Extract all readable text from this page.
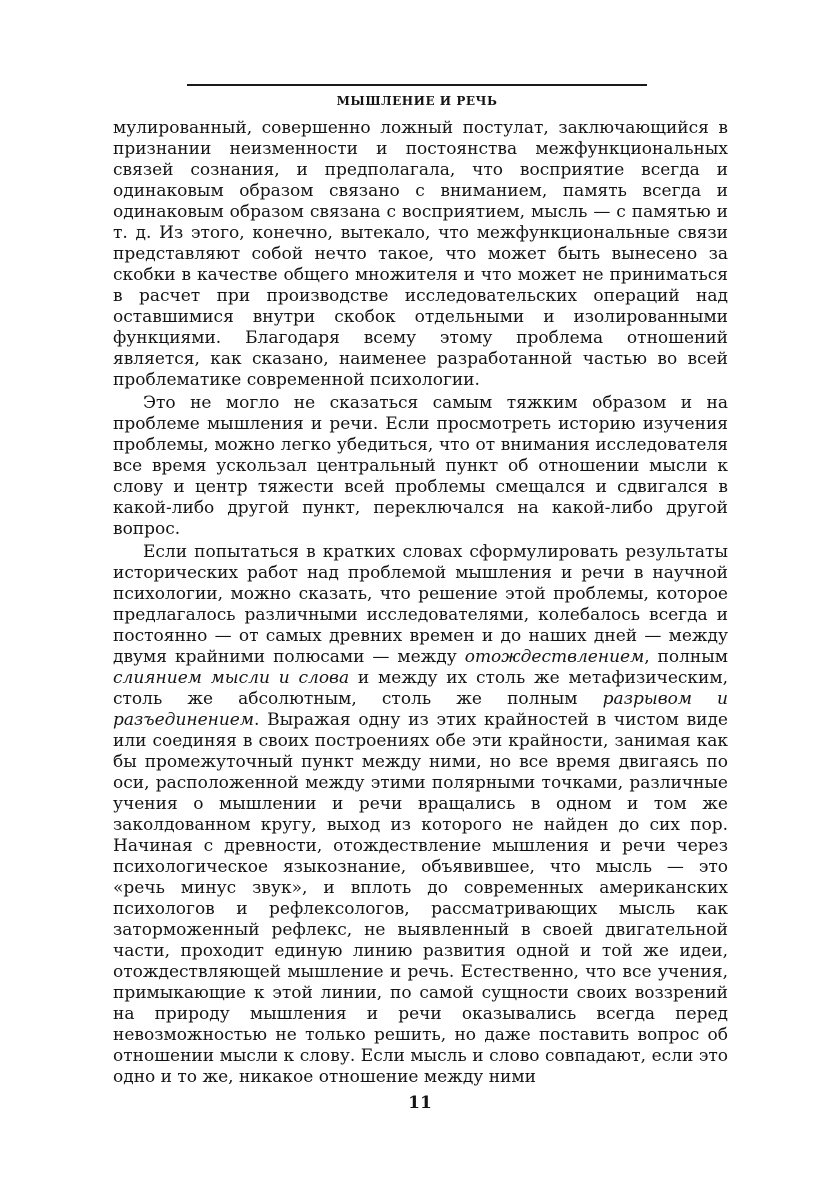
МЫШЛЕНИЕ И РЕЧЬ

мулированный, совершенно ложный постулат, заключающийся в признании неизменности и постоянства межфункциональных связей сознания, и предполагала, что восприятие всегда и одинаковым образом связано с вниманием, память всегда и одинаковым образом связана с восприятием, мысль — с памятью и т. д. Из этого, конечно, вытекало, что межфункциональные связи представляют собой нечто такое, что может быть вынесено за скобки в качестве общего множителя и что может не приниматься в расчет при производстве исследовательских операций над оставшимися внутри скобок отдельными и изолированными функциями. Благодаря всему этому проблема отношений является, как сказано, наименее разработанной частью во всей проблематике современной психологии.

Это не могло не сказаться самым тяжким образом и на проблеме мышления и речи. Если просмотреть историю изучения проблемы, можно легко убедиться, что от внимания исследователя все время ускользал центральный пункт об отношении мысли к слову и центр тяжести всей проблемы смещался и сдвигался в какой-либо другой пункт, переключался на какой-либо другой вопрос.

Если попытаться в кратких словах сформулировать результаты исторических работ над проблемой мышления и речи в научной психологии, можно сказать, что решение этой проблемы, которое предлагалось различными исследователями, колебалось всегда и постоянно — от самых древних времен и до наших дней — между двумя крайними полюсами — между отождествлением, полным слиянием мысли и слова и между их столь же метафизическим, столь же абсолютным, столь же полным разрывом и разъединением. Выражая одну из этих крайностей в чистом виде или соединяя в своих построениях обе эти крайности, занимая как бы промежуточный пункт между ними, но все время двигаясь по оси, расположенной между этими полярными точками, различные учения о мышлении и речи вращались в одном и том же заколдованном кругу, выход из которого не найден до сих пор. Начиная с древности, отождествление мышления и речи через психологическое языкознание, объявившее, что мысль — это «речь минус звук», и вплоть до современных американских психологов и рефлексологов, рассматривающих мысль как заторможенный рефлекс, не выявленный в своей двигательной части, проходит единую линию развития одной и той же идеи, отождествляющей мышление и речь. Естественно, что все учения, примыкающие к этой линии, по самой сущности своих воззрений на природу мышления и речи оказывались всегда перед невозможностью не только решить, но даже поставить вопрос об отношении мысли к слову. Если мысль и слово совпадают, если это одно и то же, никакое отношение между ними

11
